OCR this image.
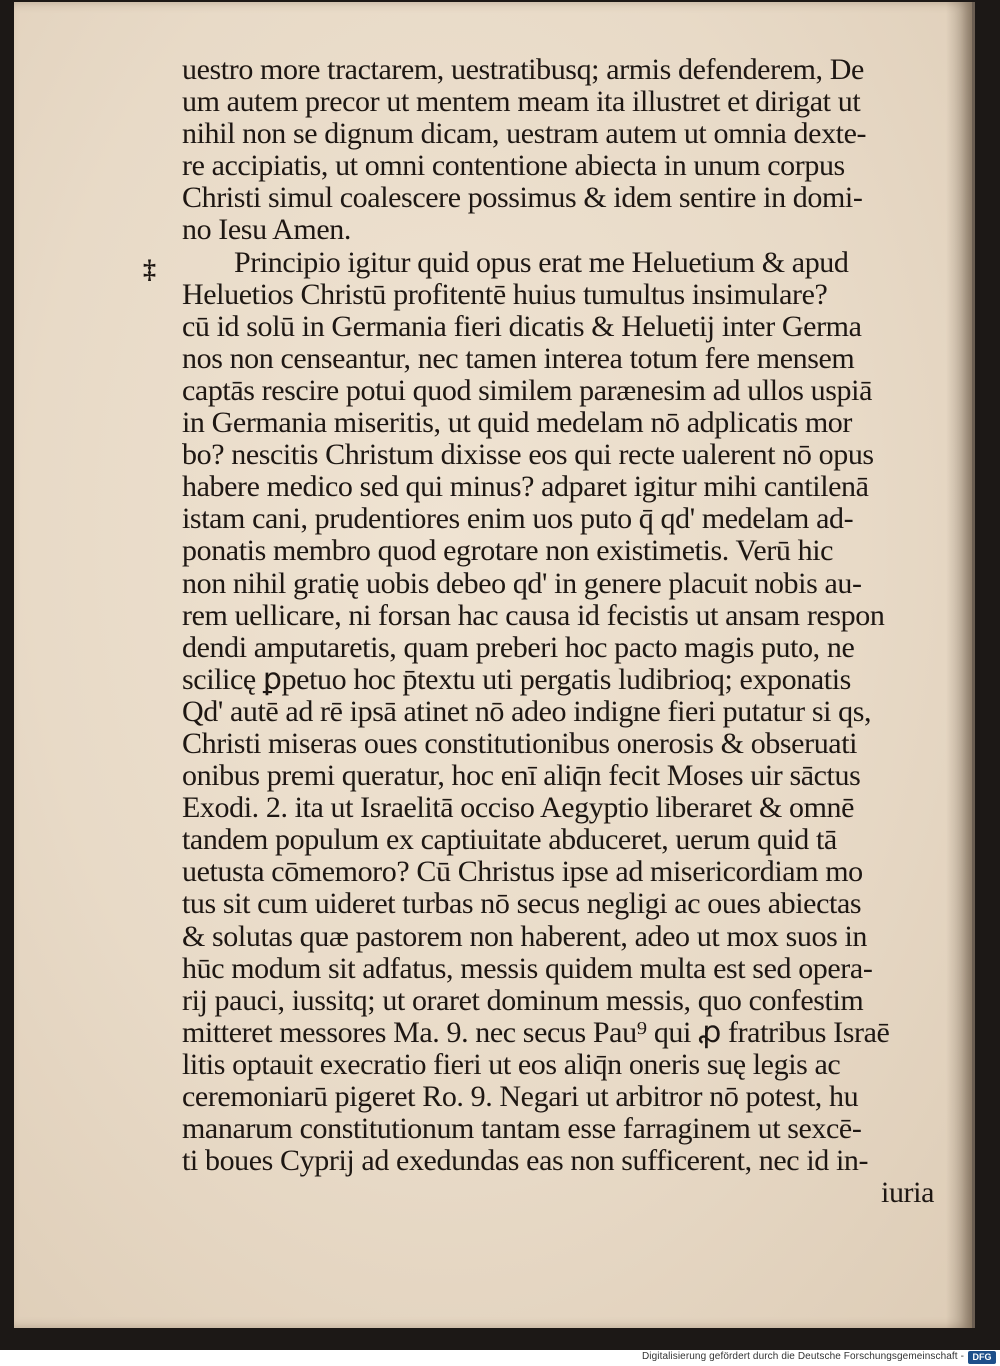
‡
uestro more tractarem, uestratibusq; armis defenderem, De
um autem precor ut mentem meam ita illustret et dirigat ut
nihil non se dignum dicam, uestram autem ut omnia dexte-
re accipiatis, ut omni contentione abiecta in unum corpus
Christi simul coalescere possimus & idem sentire in domi-
no Iesu Amen.
Principio igitur quid opus erat me Heluetium & apud
Heluetios Christū profitentē huius tumultus insimulare?
cū id solū in Germania fieri dicatis & Heluetij inter Germa
nos non censeantur, nec tamen interea totum fere mensem
captās rescire potui quod similem parænesim ad ullos uspiā
in Germania miseritis, ut quid medelam nō adplicatis mor
bo? nescitis Christum dixisse eos qui recte ualerent nō opus
habere medico sed qui minus? adparet igitur mihi cantilenā
istam cani, prudentiores enim uos puto q̄ qd' medelam ad-
ponatis membro quod egrotare non existimetis. Verū hic
non nihil gratię uobis debeo qd' in genere placuit nobis au-
rem uellicare, ni forsan hac causa id fecistis ut ansam respon
dendi amputaretis, quam preberi hoc pacto magis puto, ne
scilicę ꝑpetuo hoc p̄textu uti pergatis ludibrioq; exponatis
Qd' autē ad rē ipsā atinet nō adeo indigne fieri putatur si qs,
Christi miseras oues constitutionibus onerosis & obseruati
onibus premi queratur, hoc enī aliq̄n fecit Moses uir sāctus
Exodi. 2. ita ut Israelitā occiso Aegyptio liberaret & omnē
tandem populum ex captiuitate abduceret, uerum quid tā
uetusta cōmemoro? Cū Christus ipse ad misericordiam mo
tus sit cum uideret turbas nō secus negligi ac oues abiectas
& solutas quæ pastorem non haberent, adeo ut mox suos in
hūc modum sit adfatus, messis quidem multa est sed opera-
rij pauci, iussitq; ut oraret dominum messis, quo confestim
mitteret messores Ma. 9. nec secus Pau⁹ qui ꝓ fratribus Israē
litis optauit execratio fieri ut eos aliq̄n oneris suę legis ac
ceremoniarū pigeret Ro. 9. Negari ut arbitror nō potest, hu
manarum constitutionum tantam esse farraginem ut sexcē-
ti boues Cyprij ad exedundas eas non sufficerent, nec id in-
iuria
Digitalisierung gefördert durch die Deutsche Forschungsgemeinschaft - DFG
